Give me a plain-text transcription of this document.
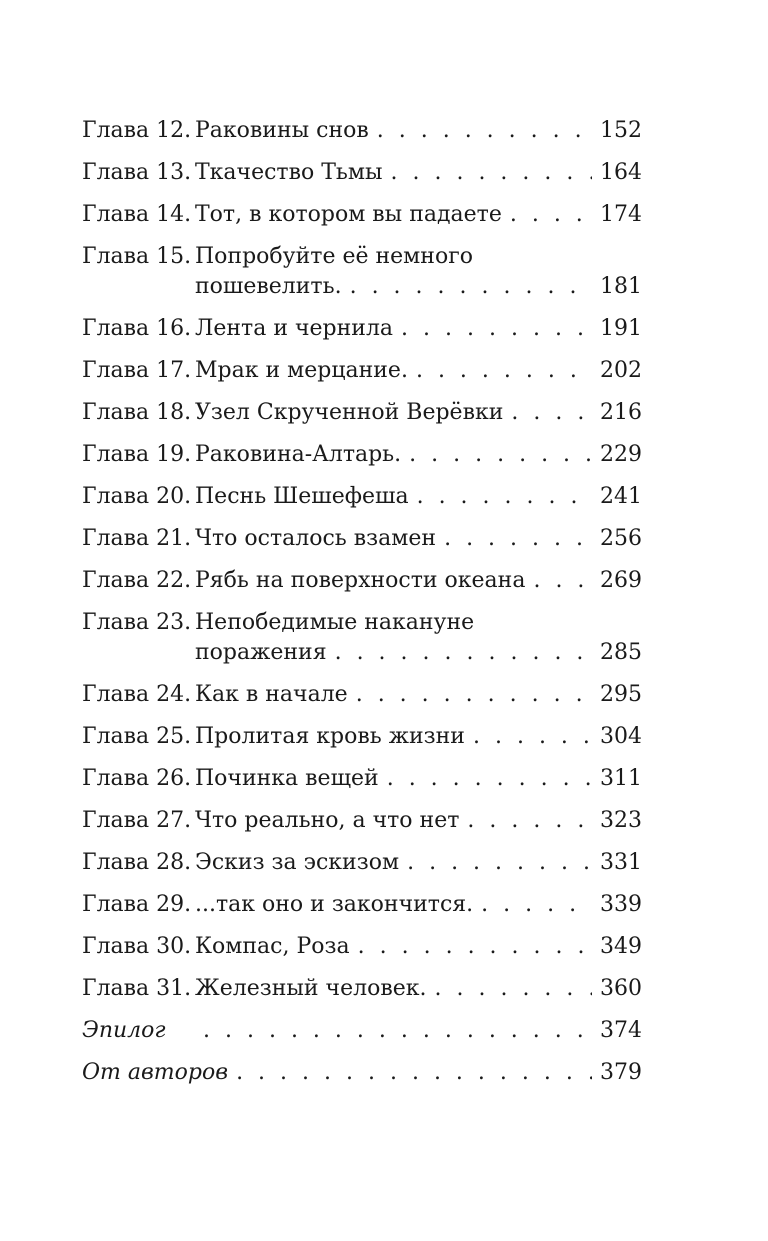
Глава 12. Раковины снов . . .	152
Глава 13. Ткачество Тьмы . . .	164
Глава 14. Тот, в котором вы падаете . . .	174
Глава 15. Попробуйте её немного
пошевелить. . . .	181
Глава 16. Лента и чернила . . .	191
Глава 17. Мрак и мерцание. . . .	202
Глава 18. Узел Скрученной Верёвки . . .	216
Глава 19. Раковина-Алтарь. . . .	229
Глава 20. Песнь Шешефеша . . .	241
Глава 21. Что осталось взамен . . .	256
Глава 22. Рябь на поверхности океана . . .	269
Глава 23. Непобедимые накануне
поражения . . .	285
Глава 24. Как в начале . . .	295
Глава 25. Пролитая кровь жизни . . .	304
Глава 26. Починка вещей . . .	311
Глава 27. Что реально, а что нет . . .	323
Глава 28. Эскиз за эскизом . . .	331
Глава 29. ...так оно и закончится. . . .	339
Глава 30. Компас, Роза . . .	349
Глава 31. Железный человек. . . .	360
Эпилог . . .	374
От авторов . . .	379
